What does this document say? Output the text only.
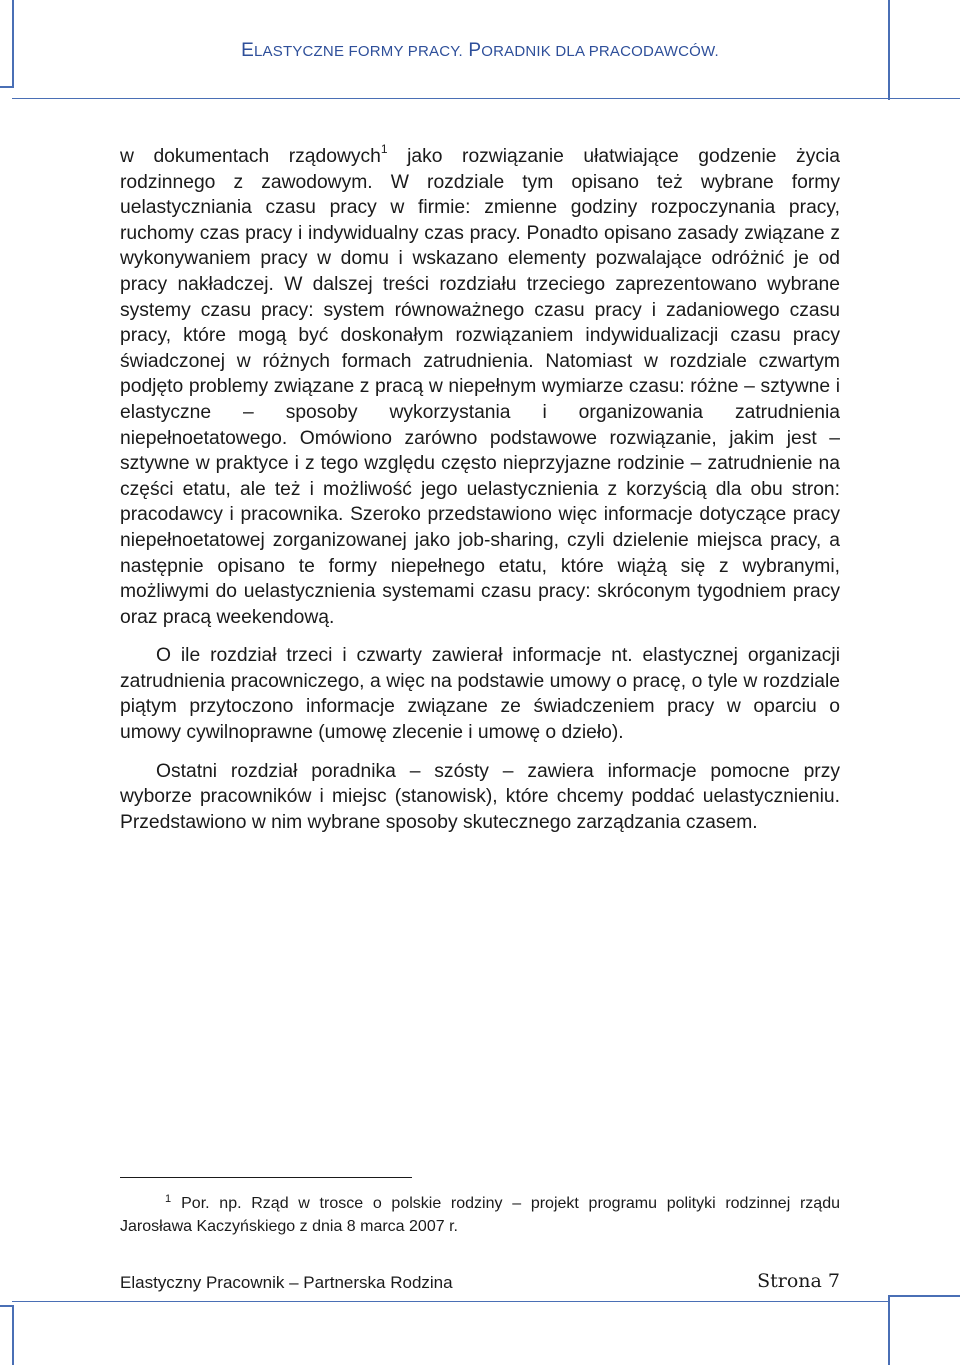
ELASTYCZNE FORMY PRACY. PORADNIK DLA PRACODAWCÓW.

w dokumentach rządowych$^1$ jako rozwiązanie ułatwiające godzenie życia rodzinnego z zawodowym. W rozdziale tym opisano też wybrane formy uelastyczniania czasu pracy w firmie: zmienne godziny rozpoczynania pracy, ruchomy czas pracy i indywidualny czas pracy. Ponadto opisano zasady związane z wykonywaniem pracy w domu i wskazano elementy pozwalające odróżnić je od pracy nakładczej. W dalszej treści rozdziału trzeciego zaprezentowano wybrane systemy czasu pracy: system równoważnego czasu pracy i zadaniowego czasu pracy, które mogą być doskonałym rozwiązaniem indywidualizacji czasu pracy świadczonej w różnych formach zatrudnienia. Natomiast w rozdziale czwartym podjęto problemy związane z pracą w niepełnym wymiarze czasu: różne – sztywne i elastyczne – sposoby wykorzystania i organizowania zatrudnienia niepełnoetatowego. Omówiono zarówno podstawowe rozwiązanie, jakim jest – sztywne w praktyce i z tego względu często nieprzyjazne rodzinie – zatrudnienie na części etatu, ale też i możliwość jego uelastycznienia z korzyścią dla obu stron: pracodawcy i pracownika. Szeroko przedstawiono więc informacje dotyczące pracy niepełnoetatowej zorganizowanej jako job-sharing, czyli dzielenie miejsca pracy, a następnie opisano te formy niepełnego etatu, które wiążą się z wybranymi, możliwymi do uelastycznienia systemami czasu pracy: skróconym tygodniem pracy oraz pracą weekendową.

O ile rozdział trzeci i czwarty zawierał informacje nt. elastycznej organizacji zatrudnienia pracowniczego, a więc na podstawie umowy o pracę, o tyle w rozdziale piątym przytoczono informacje związane ze świadczeniem pracy w oparciu o umowy cywilnoprawne (umowę zlecenie i umowę o dzieło).

Ostatni rozdział poradnika – szósty – zawiera informacje pomocne przy wyborze pracowników i miejsc (stanowisk), które chcemy poddać uelastycznieniu. Przedstawiono w nim wybrane sposoby skutecznego zarządzania czasem.

$^1$ Por. np. Rząd w trosce o polskie rodziny – projekt programu polityki rodzinnej rządu Jarosława Kaczyńskiego z dnia 8 marca 2007 r.
Elastyczny Pracownik – Partnerska Rodzina	Strona 7
